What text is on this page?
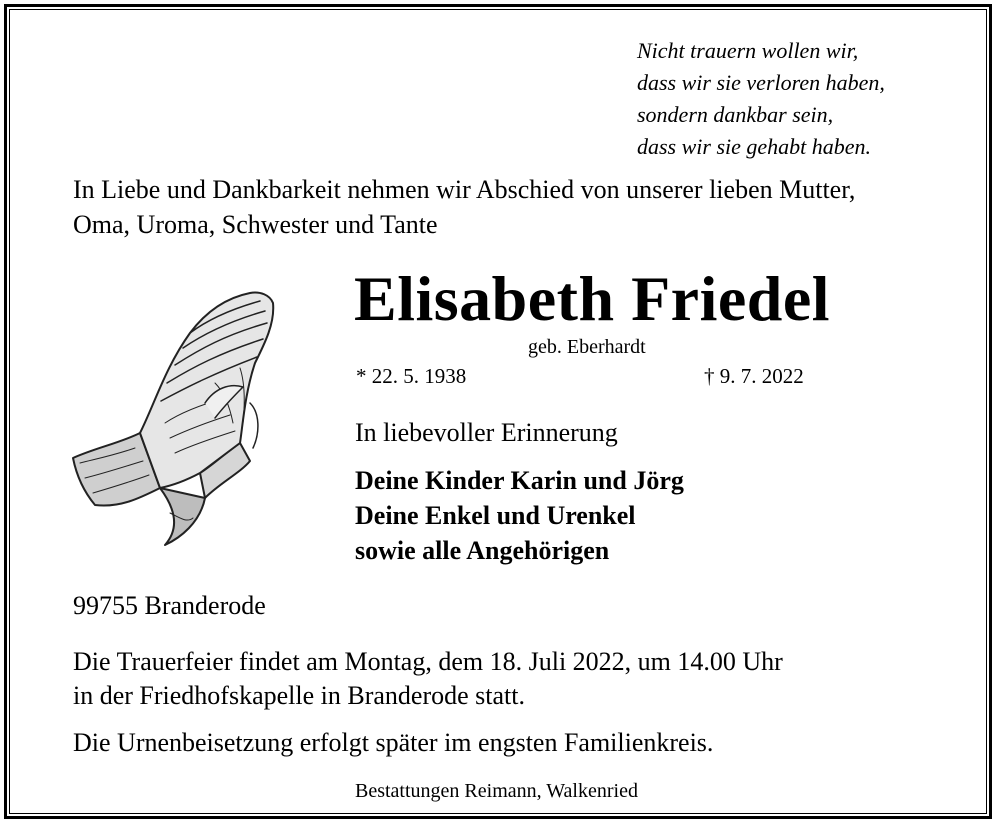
Nicht trauern wollen wir,
dass wir sie verloren haben,
sondern dankbar sein,
dass wir sie gehabt haben.
In Liebe und Dankbarkeit nehmen wir Abschied von unserer lieben Mutter,
Oma, Uroma, Schwester und Tante
Elisabeth Friedel
geb. Eberhardt
* 22. 5. 1938	† 9. 7. 2022
In liebevoller Erinnerung
Deine Kinder Karin und Jörg
Deine Enkel und Urenkel
sowie alle Angehörigen
99755 Branderode
Die Trauerfeier findet am Montag, dem 18. Juli 2022, um 14.00 Uhr
in der Friedhofskapelle in Branderode statt.
Die Urnenbeisetzung erfolgt später im engsten Familienkreis.
Bestattungen Reimann, Walkenried
